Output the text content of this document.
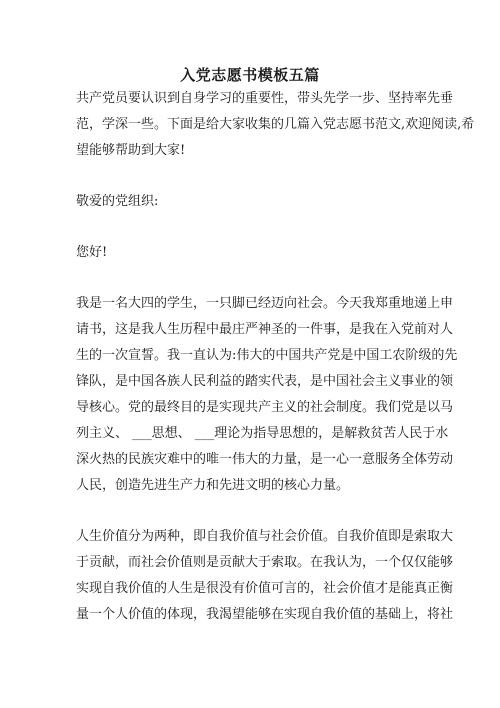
入党志愿书模板五篇

共产党员要认识到自身学习的重要性，带头先学一步、坚持率先垂
范，学深一些。下面是给大家收集的几篇入党志愿书范文,欢迎阅读,希
望能够帮助到大家!

敬爱的党组织:

您好!

我是一名大四的学生，一只脚已经迈向社会。今天我郑重地递上申
请书，这是我人生历程中最庄严神圣的一件事，是我在入党前对人
生的一次宣誓。我一直认为:伟大的中国共产党是中国工农阶级的先
锋队，是中国各族人民利益的踏实代表，是中国社会主义事业的领
导核心。党的最终目的是实现共产主义的社会制度。我们党是以马
列主义、 ___思想、 ___理论为指导思想的，是解救贫苦人民于水
深火热的民族灾难中的唯一伟大的力量，是一心一意服务全体劳动
人民，创造先进生产力和先进文明的核心力量。

人生价值分为两种，即自我价值与社会价值。自我价值即是索取大
于贡献，而社会价值则是贡献大于索取。在我认为，一个仅仅能够
实现自我价值的人生是很没有价值可言的，社会价值才是能真正衡
量一个人价值的体现，我渴望能够在实现自我价值的基础上，将社
